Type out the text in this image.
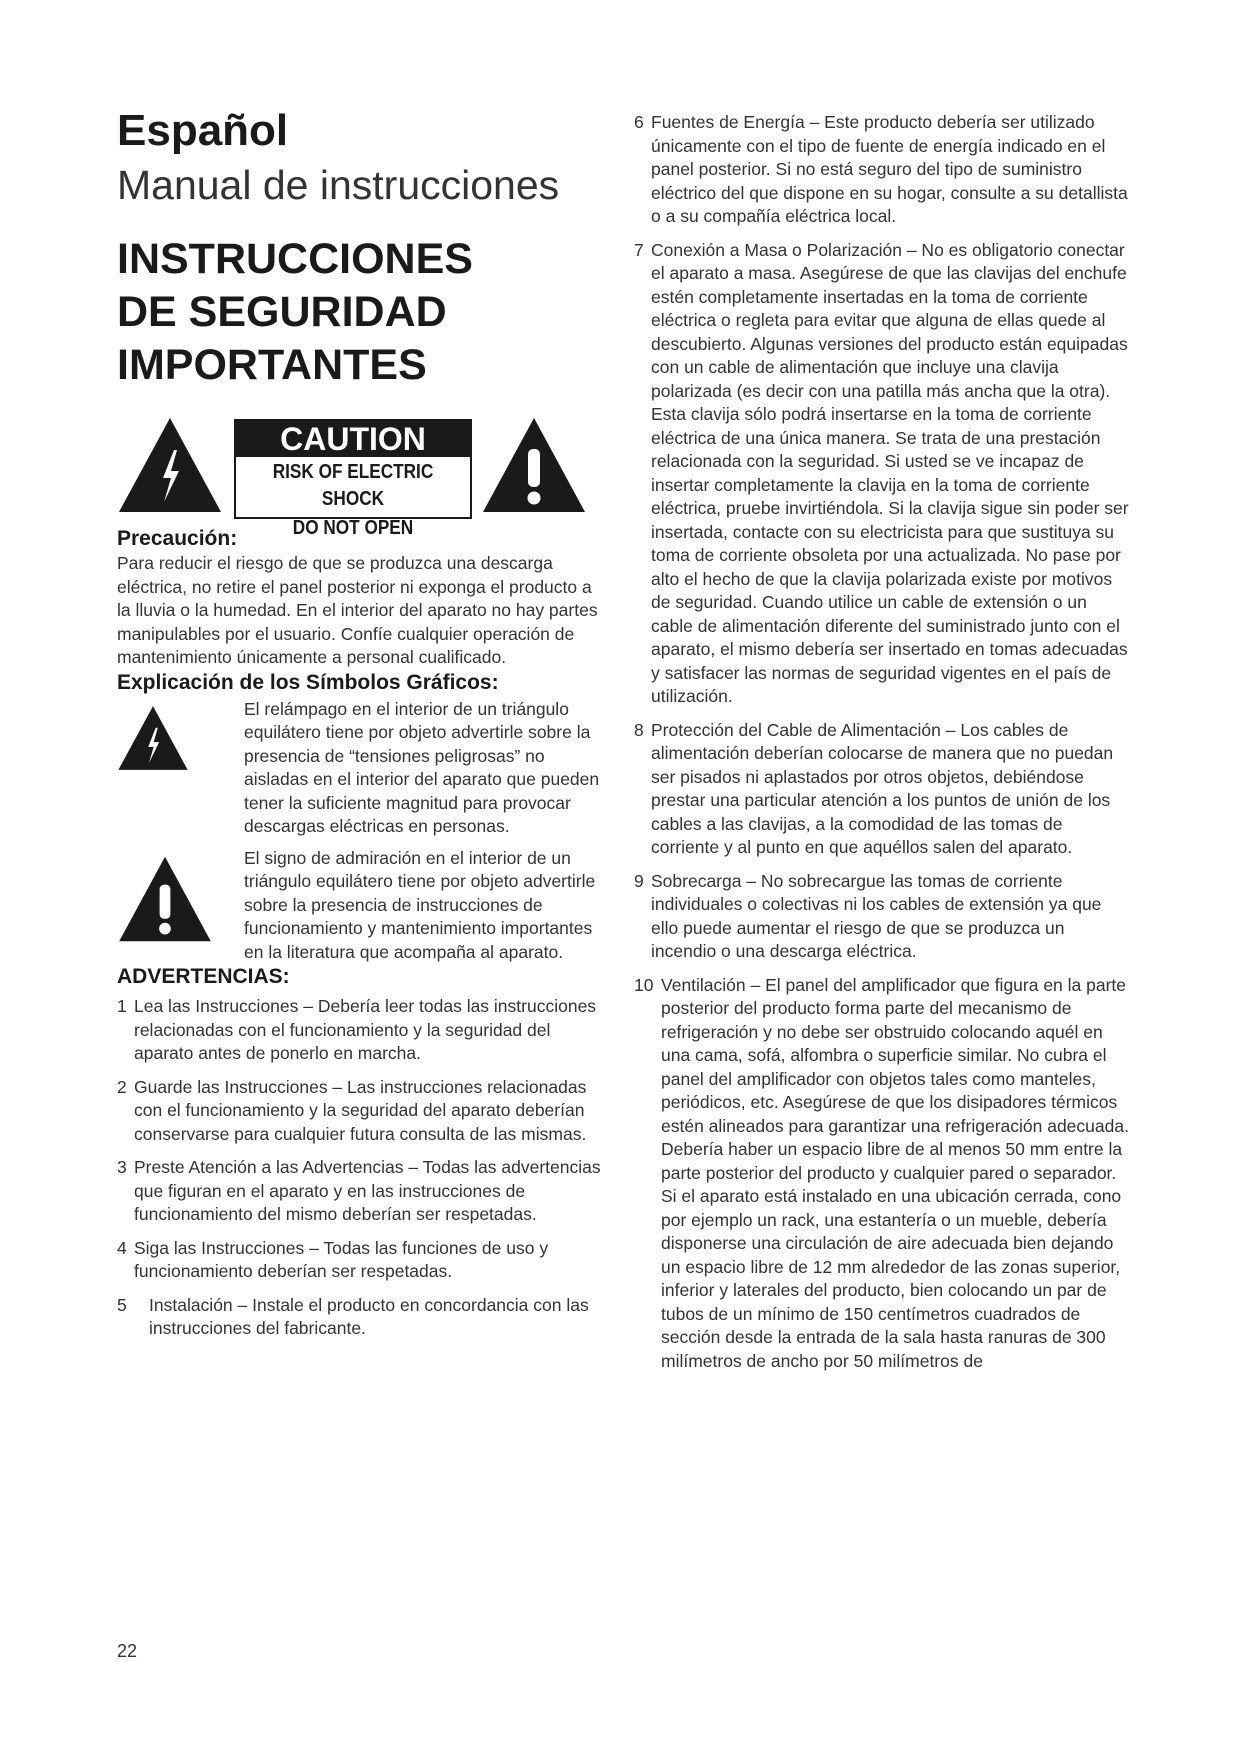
Español
Manual de instrucciones
INSTRUCCIONES
DE SEGURIDAD
IMPORTANTES
CAUTION
RISK OF ELECTRIC SHOCK
DO NOT OPEN
Precaución:

Para reducir el riesgo de que se produzca una descarga eléctrica, no retire el panel posterior ni exponga el producto a la lluvia o la humedad. En el interior del aparato no hay partes manipulables por el usuario. Confíe cualquier operación de mantenimiento únicamente a personal cualificado.

Explicación de los Símbolos Gráficos:

El relámpago en el interior de un triángulo equilátero tiene por objeto advertirle sobre la presencia de “tensiones peligrosas” no aisladas en el interior del aparato que pueden tener la suficiente magnitud para provocar descargas eléctricas en personas.

El signo de admiración en el interior de un triángulo equilátero tiene por objeto advertirle sobre la presencia de instrucciones de funcionamiento y mantenimiento importantes en la literatura que acompaña al aparato.

ADVERTENCIAS:
1 Lea las Instrucciones – Debería leer todas las instrucciones relacionadas con el funcionamiento y la seguridad del aparato antes de ponerlo en marcha.
2 Guarde las Instrucciones – Las instrucciones relacionadas con el funcionamiento y la seguridad del aparato deberían conservarse para cualquier futura consulta de las mismas.
3 Preste Atención a las Advertencias – Todas las advertencias que figuran en el aparato y en las instrucciones de funcionamiento del mismo deberían ser respetadas.
4 Siga las Instrucciones – Todas las funciones de uso y funcionamiento deberían ser respetadas.
5 Instalación – Instale el producto en concordancia con las instrucciones del fabricante.
6 Fuentes de Energía – Este producto debería ser utilizado únicamente con el tipo de fuente de energía indicado en el panel posterior. Si no está seguro del tipo de suministro eléctrico del que dispone en su hogar, consulte a su detallista o a su compañía eléctrica local.
7 Conexión a Masa o Polarización – No es obligatorio conectar el aparato a masa. Asegúrese de que las clavijas del enchufe estén completamente insertadas en la toma de corriente eléctrica o regleta para evitar que alguna de ellas quede al descubierto. Algunas versiones del producto están equipadas con un cable de alimentación que incluye una clavija polarizada (es decir con una patilla más ancha que la otra). Esta clavija sólo podrá insertarse en la toma de corriente eléctrica de una única manera. Se trata de una prestación relacionada con la seguridad. Si usted se ve incapaz de insertar completamente la clavija en la toma de corriente eléctrica, pruebe invirtiéndola. Si la clavija sigue sin poder ser insertada, contacte con su electricista para que sustituya su toma de corriente obsoleta por una actualizada. No pase por alto el hecho de que la clavija polarizada existe por motivos de seguridad. Cuando utilice un cable de extensión o un cable de alimentación diferente del suministrado junto con el aparato, el mismo debería ser insertado en tomas adecuadas y satisfacer las normas de seguridad vigentes en el país de utilización.
8 Protección del Cable de Alimentación – Los cables de alimentación deberían colocarse de manera que no puedan ser pisados ni aplastados por otros objetos, debiéndose prestar una particular atención a los puntos de unión de los cables a las clavijas, a la comodidad de las tomas de corriente y al punto en que aquéllos salen del aparato.
9 Sobrecarga – No sobrecargue las tomas de corriente individuales o colectivas ni los cables de extensión ya que ello puede aumentar el riesgo de que se produzca un incendio o una descarga eléctrica.
10 Ventilación – El panel del amplificador que figura en la parte posterior del producto forma parte del mecanismo de refrigeración y no debe ser obstruido colocando aquél en una cama, sofá, alfombra o superficie similar. No cubra el panel del amplificador con objetos tales como manteles, periódicos, etc. Asegúrese de que los disipadores térmicos estén alineados para garantizar una refrigeración adecuada. Debería haber un espacio libre de al menos 50 mm entre la parte posterior del producto y cualquier pared o separador. Si el aparato está instalado en una ubicación cerrada, cono por ejemplo un rack, una estantería o un mueble, debería disponerse una circulación de aire adecuada bien dejando un espacio libre de 12 mm alrededor de las zonas superior, inferior y laterales del producto, bien colocando un par de tubos de un mínimo de 150 centímetros cuadrados de sección desde la entrada de la sala hasta ranuras de 300 milímetros de ancho por 50 milímetros de
22
